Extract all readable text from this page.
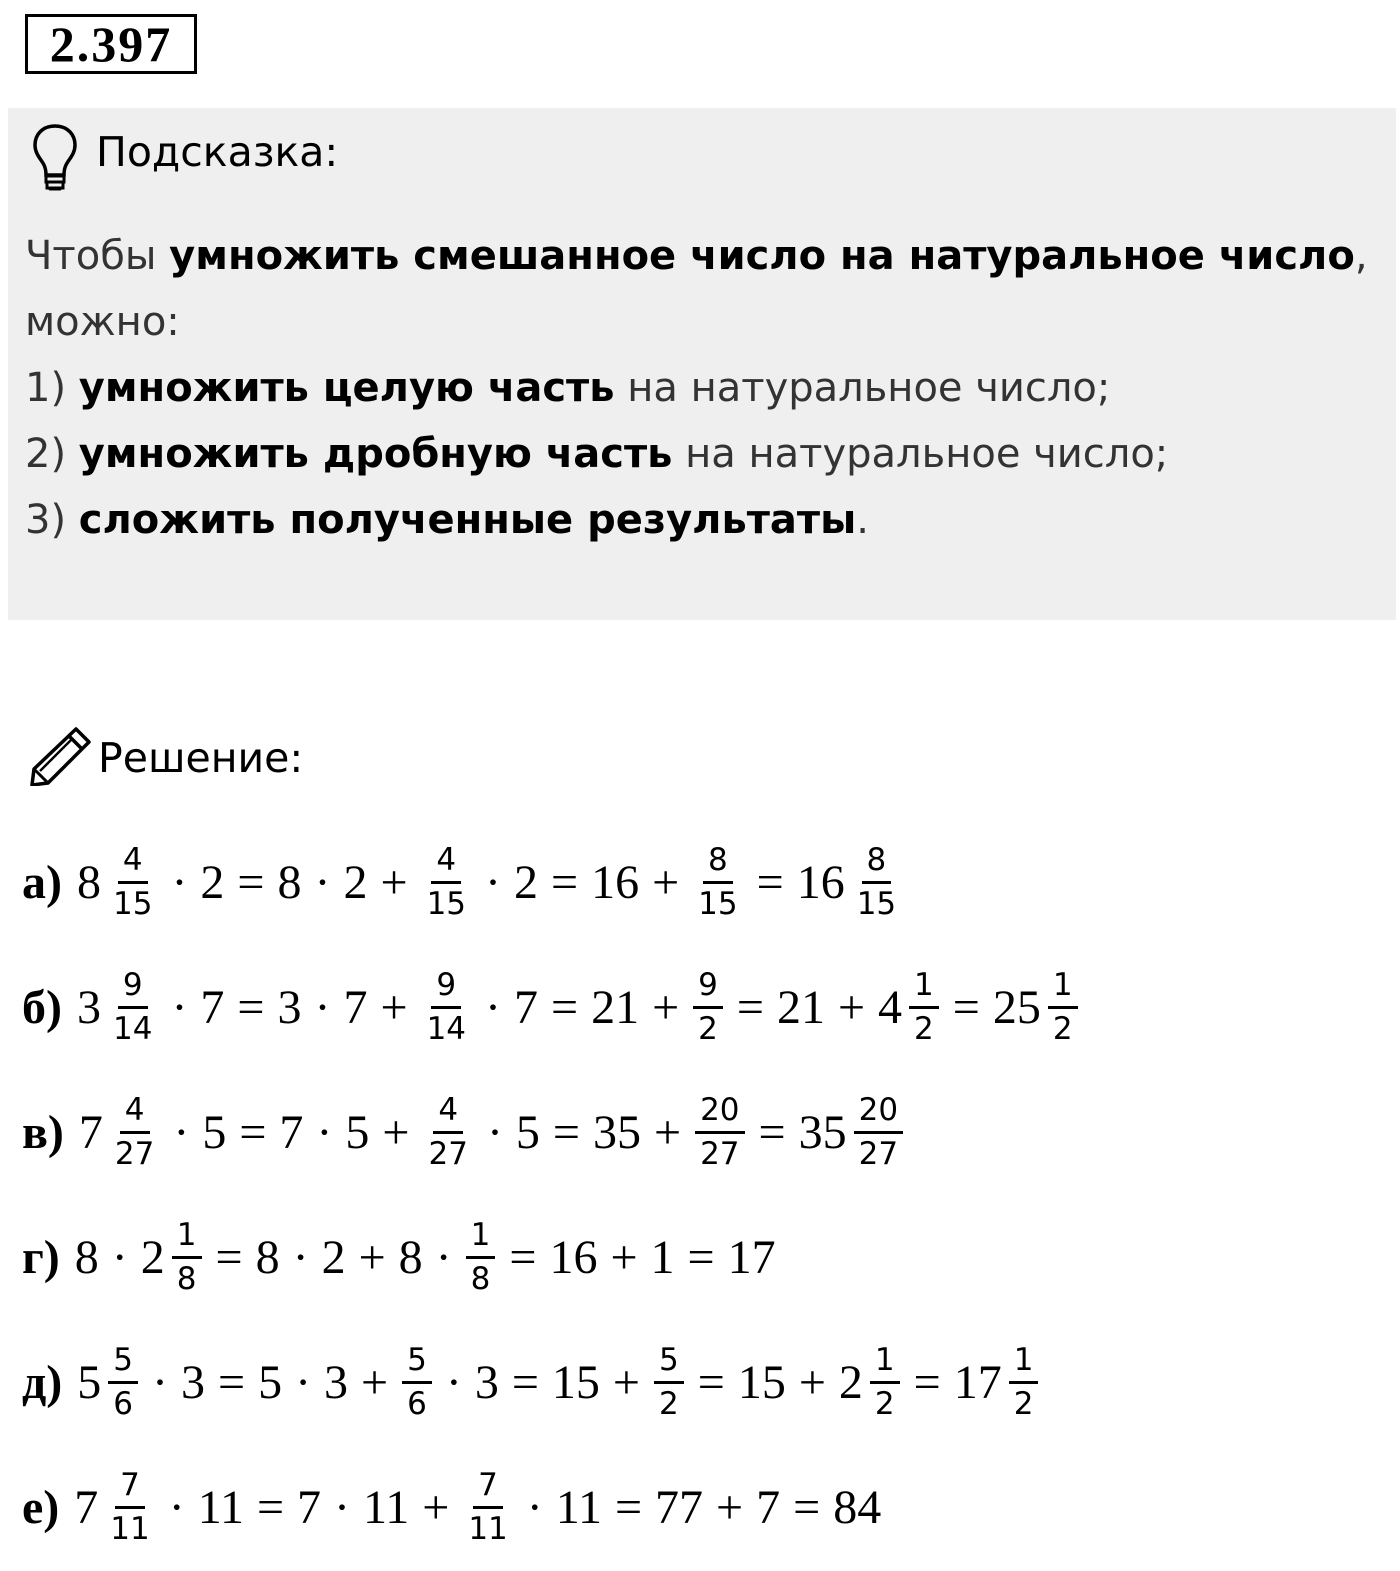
2.397
Подсказка:

Чтобы умножить смешанное число на натуральное число,

можно:

1) умножить целую часть на натуральное число;

2) умножить дробную часть на натуральное число;

3) сложить полученные результаты.

Решение:
а) $8 \frac{4}{15} \cdot 2 = 8 \cdot 2 + \frac{4}{15} \cdot 2 = 16 + \frac{8}{15} = 16 \frac{8}{15}$
б) $3 \frac{9}{14} \cdot 7 = 3 \cdot 7 + \frac{9}{14} \cdot 7 = 21 + \frac{9}{2} = 21 + 4 \frac{1}{2} = 25 \frac{1}{2}$
в) $7 \frac{4}{27} \cdot 5 = 7 \cdot 5 + \frac{4}{27} \cdot 5 = 35 + \frac{20}{27} = 35 \frac{20}{27}$
г) $8 \cdot 2 \frac{1}{8} = 8 \cdot 2 + 8 \cdot \frac{1}{8} = 16 + 1 = 17$
д) $5 \frac{5}{6} \cdot 3 = 5 \cdot 3 + \frac{5}{6} \cdot 3 = 15 + \frac{5}{2} = 15 + 2 \frac{1}{2} = 17 \frac{1}{2}$
е) $7 \frac{7}{11} \cdot 11 = 7 \cdot 11 + \frac{7}{11} \cdot 11 = 77 + 7 = 84$
